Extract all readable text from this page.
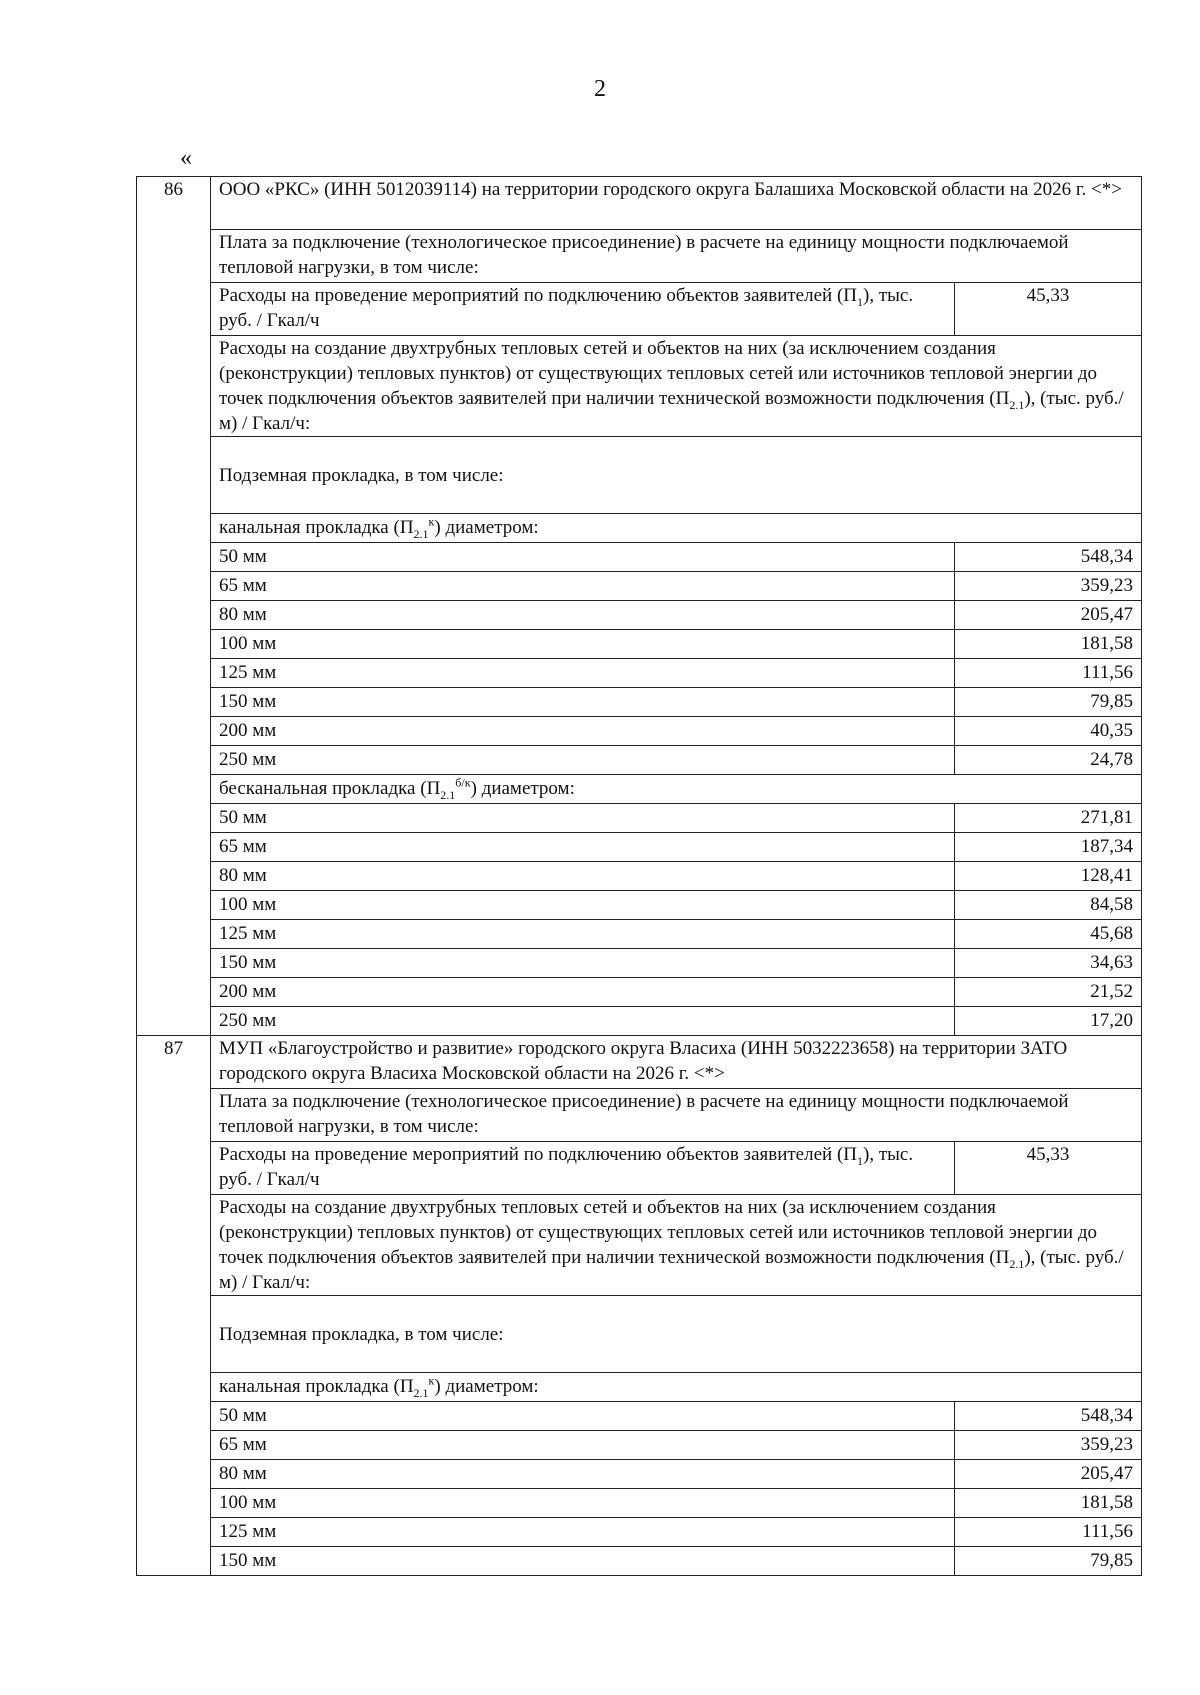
2
«
86	ООО «РКС» (ИНН 5012039114) на территории городского округа Балашиха Московской области на 2026 г. <*>	
	Плата за подключение (технологическое присоединение) в расчете на единицу мощности подключаемой тепловой нагрузки, в том числе:	
	Расходы на проведение мероприятий по подключению объектов заявителей $(П_1)$, тыс. руб. / Гкал/ч	45,33
	Расходы на создание двухтрубных тепловых сетей и объектов на них (за исключением создания (реконструкции) тепловых пунктов) от существующих тепловых сетей или источников тепловой энергии до точек подключения объектов заявителей при наличии технической возможности подключения $(П_{2.1})$, (тыс. руб./м) / Гкал/ч:	
	Подземная прокладка, в том числе:	
	канальная прокладка $(П_{2.1}^к)$ диаметром:	
	50 мм	548,34
	65 мм	359,23
	80 мм	205,47
	100 мм	181,58
	125 мм	111,56
	150 мм	79,85
	200 мм	40,35
	250 мм	24,78
	бесканальная прокладка $(П_{2.1}^{б/к})$ диаметром:	
	50 мм	271,81
	65 мм	187,34
	80 мм	128,41
	100 мм	84,58
	125 мм	45,68
	150 мм	34,63
	200 мм	21,52
	250 мм	17,20
87	МУП «Благоустройство и развитие» городского округа Власиха (ИНН 5032223658) на территории ЗАТО городского округа Власиха Московской области на 2026 г. <*>	
	Плата за подключение (технологическое присоединение) в расчете на единицу мощности подключаемой тепловой нагрузки, в том числе:	
	Расходы на проведение мероприятий по подключению объектов заявителей $(П_1)$, тыс. руб. / Гкал/ч	45,33
	Расходы на создание двухтрубных тепловых сетей и объектов на них (за исключением создания (реконструкции) тепловых пунктов) от существующих тепловых сетей или источников тепловой энергии до точек подключения объектов заявителей при наличии технической возможности подключения $(П_{2.1})$, (тыс. руб./м) / Гкал/ч:	
	Подземная прокладка, в том числе:	
	канальная прокладка $(П_{2.1}^к)$ диаметром:	
	50 мм	548,34
	65 мм	359,23
	80 мм	205,47
	100 мм	181,58
	125 мм	111,56
	150 мм	79,85
